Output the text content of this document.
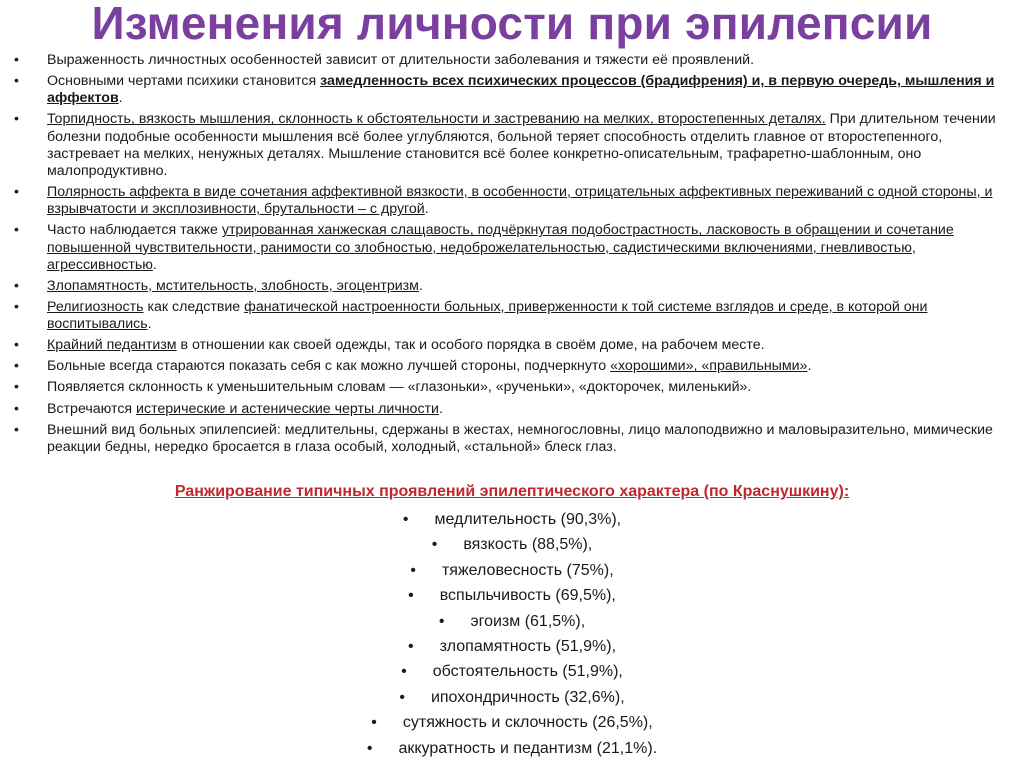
Изменения личности при эпилепсии
• Выраженность личностных особенностей зависит от длительности заболевания и тяжести её проявлений.
• Основными чертами психики становится замедленность всех психических процессов (брадифрения) и, в первую очередь, мышления и аффектов.
• Торпидность, вязкость мышления, склонность к обстоятельности и застреванию на мелких, второстепенных деталях. При длительном течении болезни подобные особенности мышления всё более углубляются, больной теряет способность отделить главное от второстепенного, застревает на мелких, ненужных деталях. Мышление становится всё более конкретно-описательным, трафаретно-шаблонным, оно малопродуктивно.
• Полярность аффекта в виде сочетания аффективной вязкости, в особенности, отрицательных аффективных переживаний с одной стороны, и взрывчатости и эксплозивности, брутальности – с другой.
• Часто наблюдается также утрированная ханжеская слащавость, подчёркнутая подобострастность, ласковость в обращении и сочетание повышенной чувствительности, ранимости со злобностью, недоброжелательностью, садистическими включениями, гневливостью, агрессивностью.
• Злопамятность, мстительность, злобность, эгоцентризм.
• Религиозность как следствие фанатической настроенности больных, приверженности к той системе взглядов и среде, в которой они воспитывались.
• Крайний педантизм в отношении как своей одежды, так и особого порядка в своём доме, на рабочем месте.
• Больные всегда стараются показать себя с как можно лучшей стороны, подчеркнуто «хорошими», «правильными».
• Появляется склонность к уменьшительным словам — «глазоньки», «рученьки», «докторочек, миленький».
• Встречаются истерические и астенические черты личности.
• Внешний вид больных эпилепсией: медлительны, сдержаны в жестах, немногословны, лицо малоподвижно и маловыразительно, мимические реакции бедны, нередко бросается в глаза особый, холодный, «стальной» блеск глаз.
Ранжирование типичных проявлений эпилептического характера (по Краснушкину):
• медлительность (90,3%),
• вязкость (88,5%),
• тяжеловесность (75%),
• вспыльчивость (69,5%),
• эгоизм (61,5%),
• злопамятность (51,9%),
• обстоятельность (51,9%),
• ипохондричность (32,6%),
• сутяжность и склочность (26,5%),
• аккуратность и педантизм (21,1%).
